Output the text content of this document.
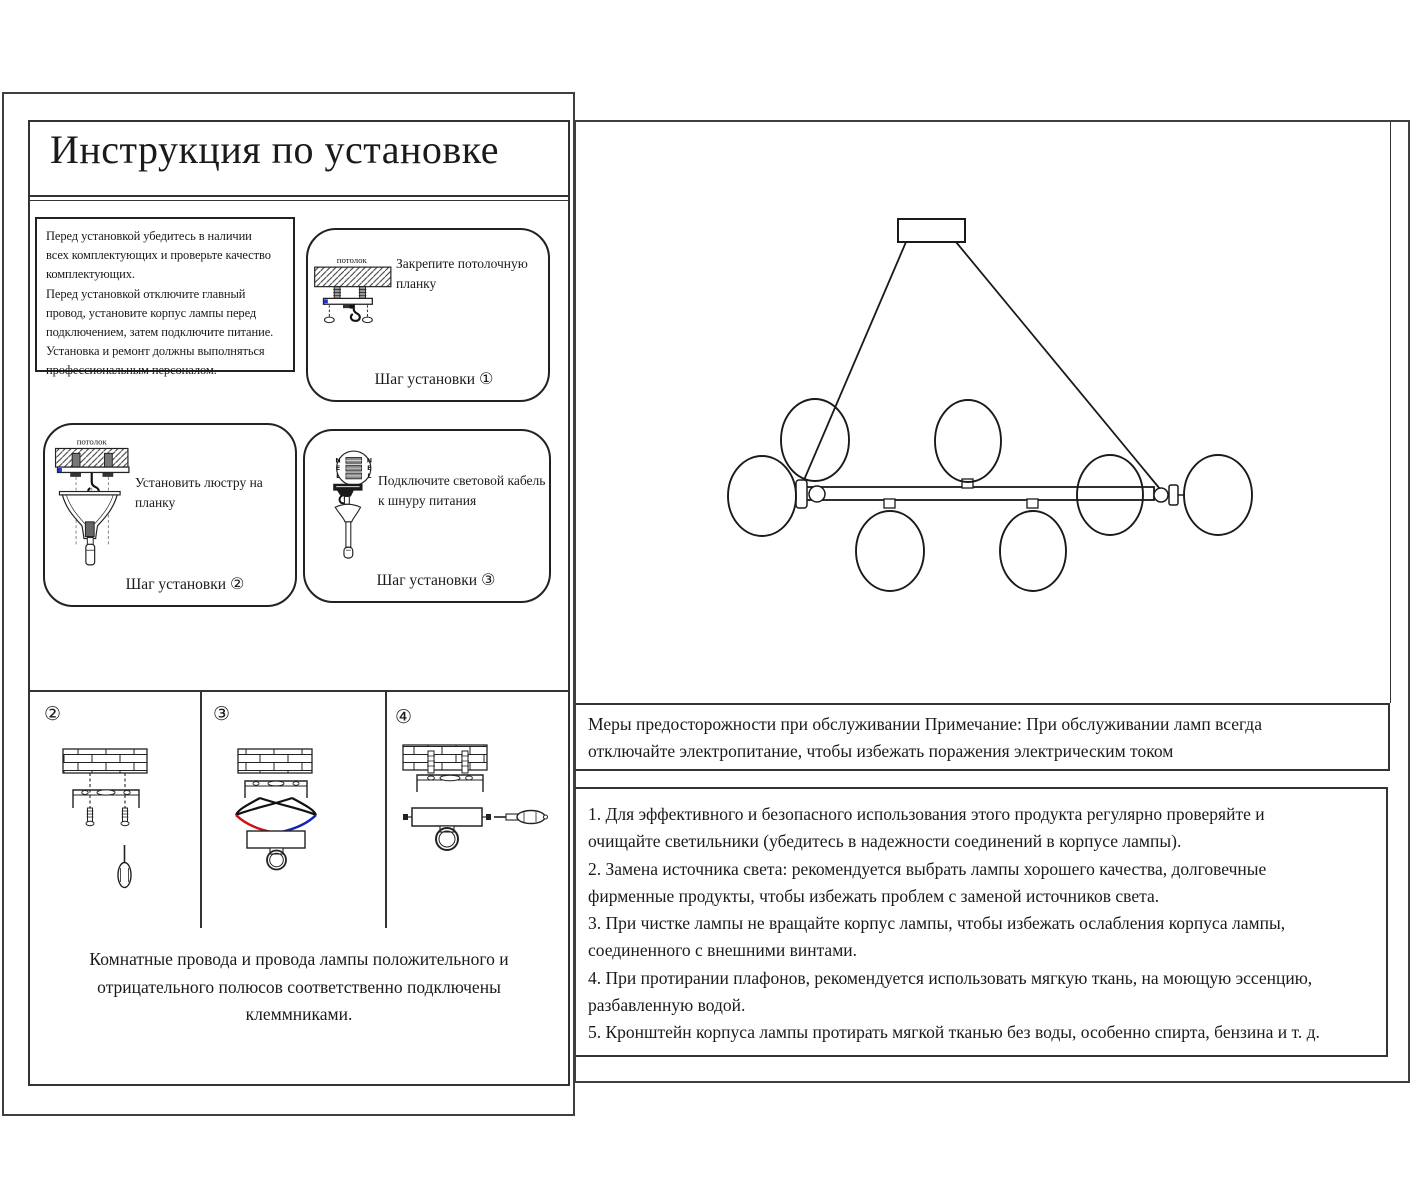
Инструкция по установке
Перед установкой убедитесь в наличии
всех комплектующих и проверьте качество
комплектующих.
Перед установкой отключите главный
провод, установите корпус лампы перед
подключением, затем подключите питание.
Установка и ремонт должны выполняться
профессиональным персоналом.
потолок Закрепите потолочную
планку
Шаг установки ①
потолок
Установить люстру на
планку
Шаг установки ②
N
E
L
N
E
L Подключите световой кабель
к шнуру питания
Шаг установки ③
②	③	④
Комнатные провода и провода лампы положительного и
отрицательного полюсов соответственно подключены
клеммниками.
Меры предосторожности при обслуживании Примечание: При обслуживании ламп всегда
отключайте электропитание, чтобы избежать поражения электрическим током
1. Для эффективного и безопасного использования этого продукта регулярно проверяйте и
очищайте светильники (убедитесь в надежности соединений в корпусе лампы).
2. Замена источника света: рекомендуется выбрать лампы хорошего качества, долговечные
фирменные продукты, чтобы избежать проблем с заменой источников света.
3. При чистке лампы не вращайте корпус лампы, чтобы избежать ослабления корпуса лампы,
соединенного с внешними винтами.
4. При протирании плафонов, рекомендуется использовать мягкую ткань, на моющую эссенцию,
разбавленную водой.
5. Кронштейн корпуса лампы протирать мягкой тканью без воды, особенно спирта, бензина и т. д.
